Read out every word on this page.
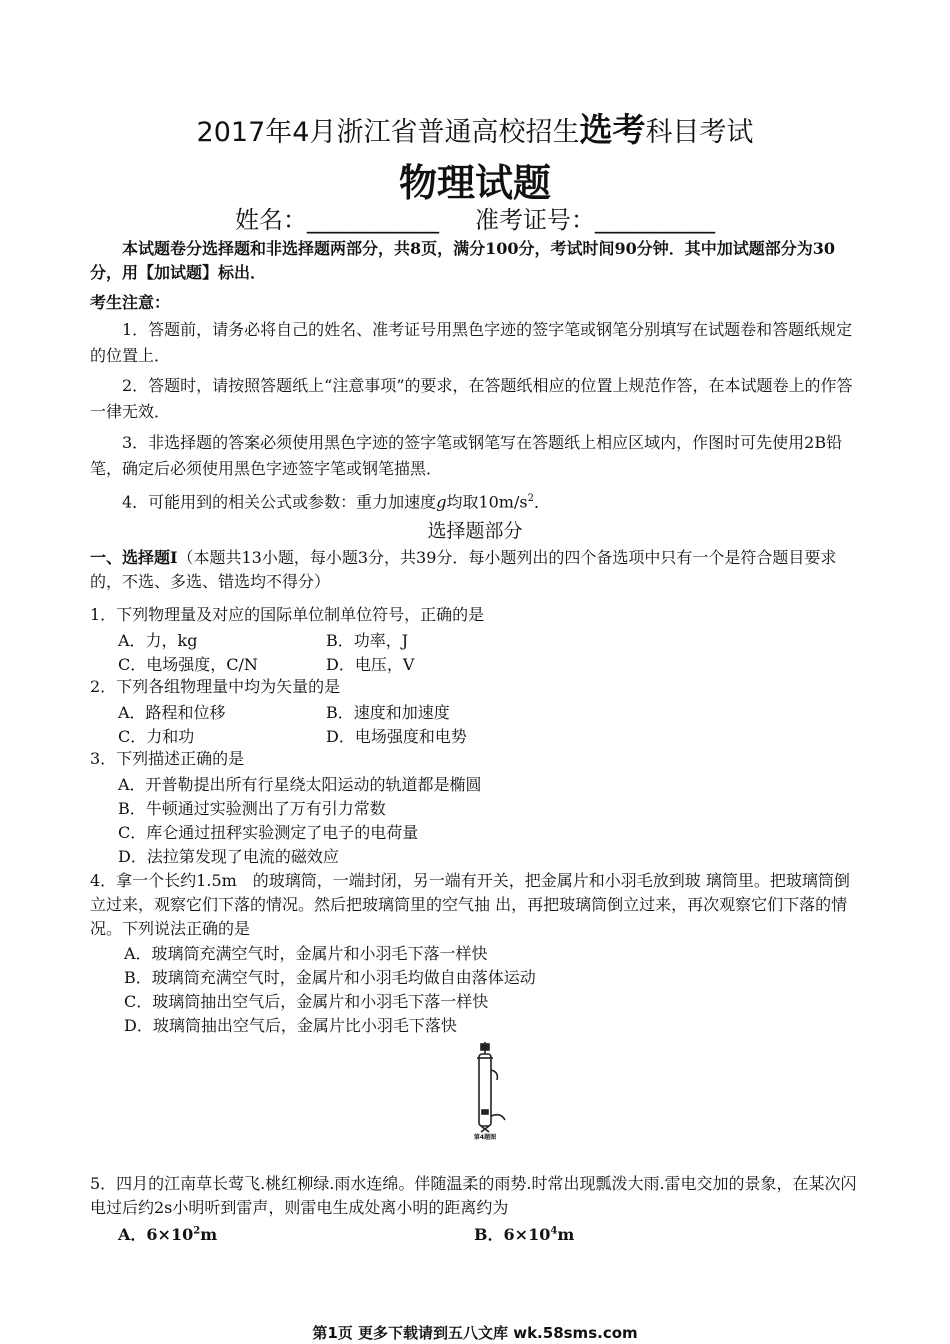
2017年4月浙江省普通高校招生选考科目考试
物理试题
姓名：___________ 准考证号：__________
本试题卷分选择题和非选择题两部分，共8页，满分100分，考试时间90分钟．其中加试题部分为30分，用【加试题】标出．
考生注意：
1．答题前，请务必将自己的姓名、准考证号用黑色字迹的签字笔或钢笔分别填写在试题卷和答题纸规定的位置上．
2．答题时，请按照答题纸上“注意事项”的要求，在答题纸相应的位置上规范作答，在本试题卷上的作答一律无效．
3．非选择题的答案必须使用黑色字迹的签字笔或钢笔写在答题纸上相应区域内，作图时可先使用2B铅笔，确定后必须使用黑色字迹签字笔或钢笔描黑．
4．可能用到的相关公式或参数：重力加速度g均取$10m/s^2$．
选择题部分
一、选择题Ⅰ（本题共13小题，每小题3分，共39分．每小题列出的四个备选项中只有一个是符合题目要求的，不选、多选、错选均不得分）
1．下列物理量及对应的国际单位制单位符号，正确的是
A．力，kg	B．功率，J
C．电场强度，C/N	D．电压，V
2．下列各组物理量中均为矢量的是
A．路程和位移	B．速度和加速度
C．力和功	D．电场强度和电势
3．下列描述正确的是
A．开普勒提出所有行星绕太阳运动的轨道都是椭圆
B．牛顿通过实验测出了万有引力常数
C．库仑通过扭秤实验测定了电子的电荷量
D．法拉第发现了电流的磁效应
4．拿一个长约1.5m　的玻璃筒，一端封闭，另一端有开关，把金属片和小羽毛放到玻 璃筒里。把玻璃筒倒立过来，观察它们下落的情况。然后把玻璃筒里的空气抽 出，再把玻璃筒倒立过来，再次观察它们下落的情况。下列说法正确的是
A．玻璃筒充满空气时，金属片和小羽毛下落一样快
B．玻璃筒充满空气时，金属片和小羽毛均做自由落体运动
C．玻璃筒抽出空气后，金属片和小羽毛下落一样快
D．玻璃筒抽出空气后，金属片比小羽毛下落快
第4题图
5．四月的江南草长莺飞.桃红柳绿.雨水连绵。伴随温柔的雨势.时常出现瓢泼大雨.雷电交加的景象，在某次闪电过后约2s小明听到雷声，则雷电生成处离小明的距离约为
A．$6\times 10^2m$	B．$6\times 10^4m$
第1页 更多下载请到五八文库 wk.58sms.com
